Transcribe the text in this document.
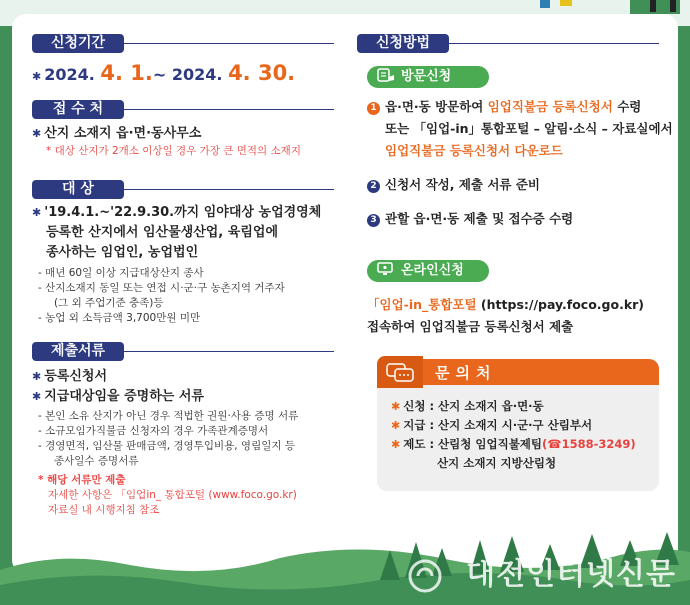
신청기간
✱ 2024. 4. 1.~ 2024. 4. 30.
접 수 처
✱ 산지 소재지 읍·면·동사무소
* 대상 산지가 2개소 이상일 경우 가장 큰 면적의 소재지
대 상
✱ '19.4.1.~'22.9.30.까지 임야대상 농업경영체
등록한 산지에서 임산물생산업, 육림업에
종사하는 임업인, 농업법인
- 매년 60일 이상 지급대상산지 종사
- 산지소재지 동일 또는 연접 시·군·구 농촌지역 거주자
(그 외 주업기준 충족)등
- 농업 외 소득금액 3,700만원 미만
제출서류
✱ 등록신청서
✱ 지급대상임을 증명하는 서류
- 본인 소유 산지가 아닌 경우 적법한 권원·사용 증명 서류
- 소규모임가직불금 신청자의 경우 가족관계증명서
- 경영면적, 임산물 판매금액, 경영투입비용, 영림일지 등
종사일수 증명서류
* 해당 서류만 제출
자세한 사항은 「임업in_ 통합포털 (www.foco.go.kr)
자료실 내 시행지침 참조
신청방법
방문신청
1 읍·면·동 방문하여 임업직불금 등록신청서 수령
또는 「임업-in」통합포털 – 알림·소식 – 자료실에서
임업직불금 등록신청서 다운로드
2 신청서 작성, 제출 서류 준비
3 관할 읍·면·동 제출 및 접수증 수령
온라인신청
「임업-in_통합포털 (https://pay.foco.go.kr)
접속하여 임업직불금 등록신청서 제출
문의처
✱ 신청 : 산지 소재지 읍·면·동
✱ 지급 : 산지 소재지 시·군·구 산림부서
✱ 제도 : 산림청 임업직불제팀(☎1588-3249)
산지 소재지 지방산림청
대전인터넷신문
